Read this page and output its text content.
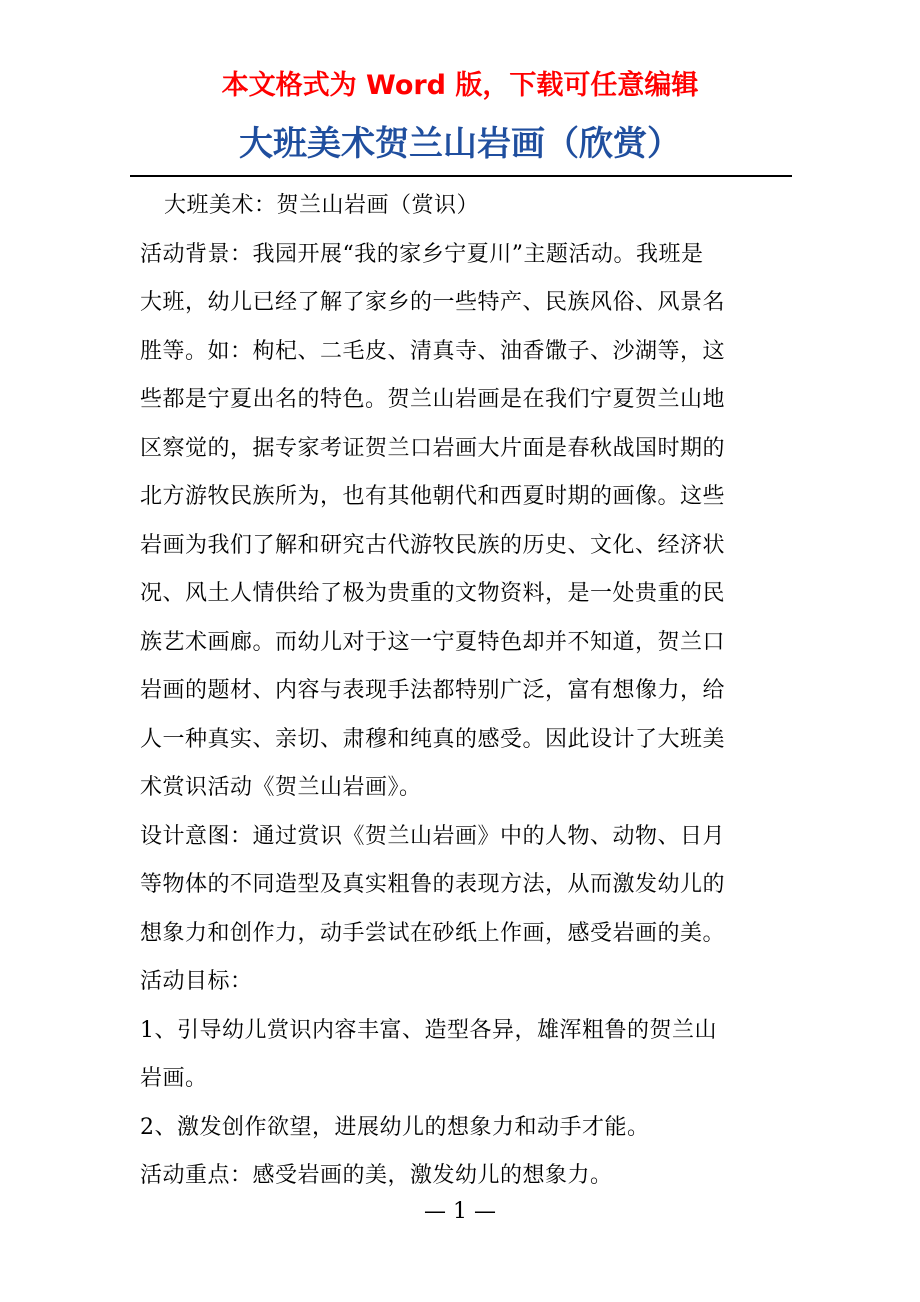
本文格式为 Word 版，下载可任意编辑
大班美术贺兰山岩画（欣赏）
大班美术：贺兰山岩画（赏识）
活动背景：我园开展“我的家乡宁夏川”主题活动。我班是
大班，幼儿已经了解了家乡的一些特产、民族风俗、风景名
胜等。如：枸杞、二毛皮、清真寺、油香馓子、沙湖等，这
些都是宁夏出名的特色。贺兰山岩画是在我们宁夏贺兰山地
区察觉的，据专家考证贺兰口岩画大片面是春秋战国时期的
北方游牧民族所为，也有其他朝代和西夏时期的画像。这些
岩画为我们了解和研究古代游牧民族的历史、文化、经济状
况、风土人情供给了极为贵重的文物资料，是一处贵重的民
族艺术画廊。而幼儿对于这一宁夏特色却并不知道，贺兰口
岩画的题材、内容与表现手法都特别广泛，富有想像力，给
人一种真实、亲切、肃穆和纯真的感受。因此设计了大班美
术赏识活动《贺兰山岩画》。
设计意图：通过赏识《贺兰山岩画》中的人物、动物、日月
等物体的不同造型及真实粗鲁的表现方法，从而激发幼儿的
想象力和创作力，动手尝试在砂纸上作画，感受岩画的美。
活动目标：
1、引导幼儿赏识内容丰富、造型各异，雄浑粗鲁的贺兰山
岩画。
2、激发创作欲望，进展幼儿的想象力和动手才能。
活动重点：感受岩画的美，激发幼儿的想象力。
— 1 —
